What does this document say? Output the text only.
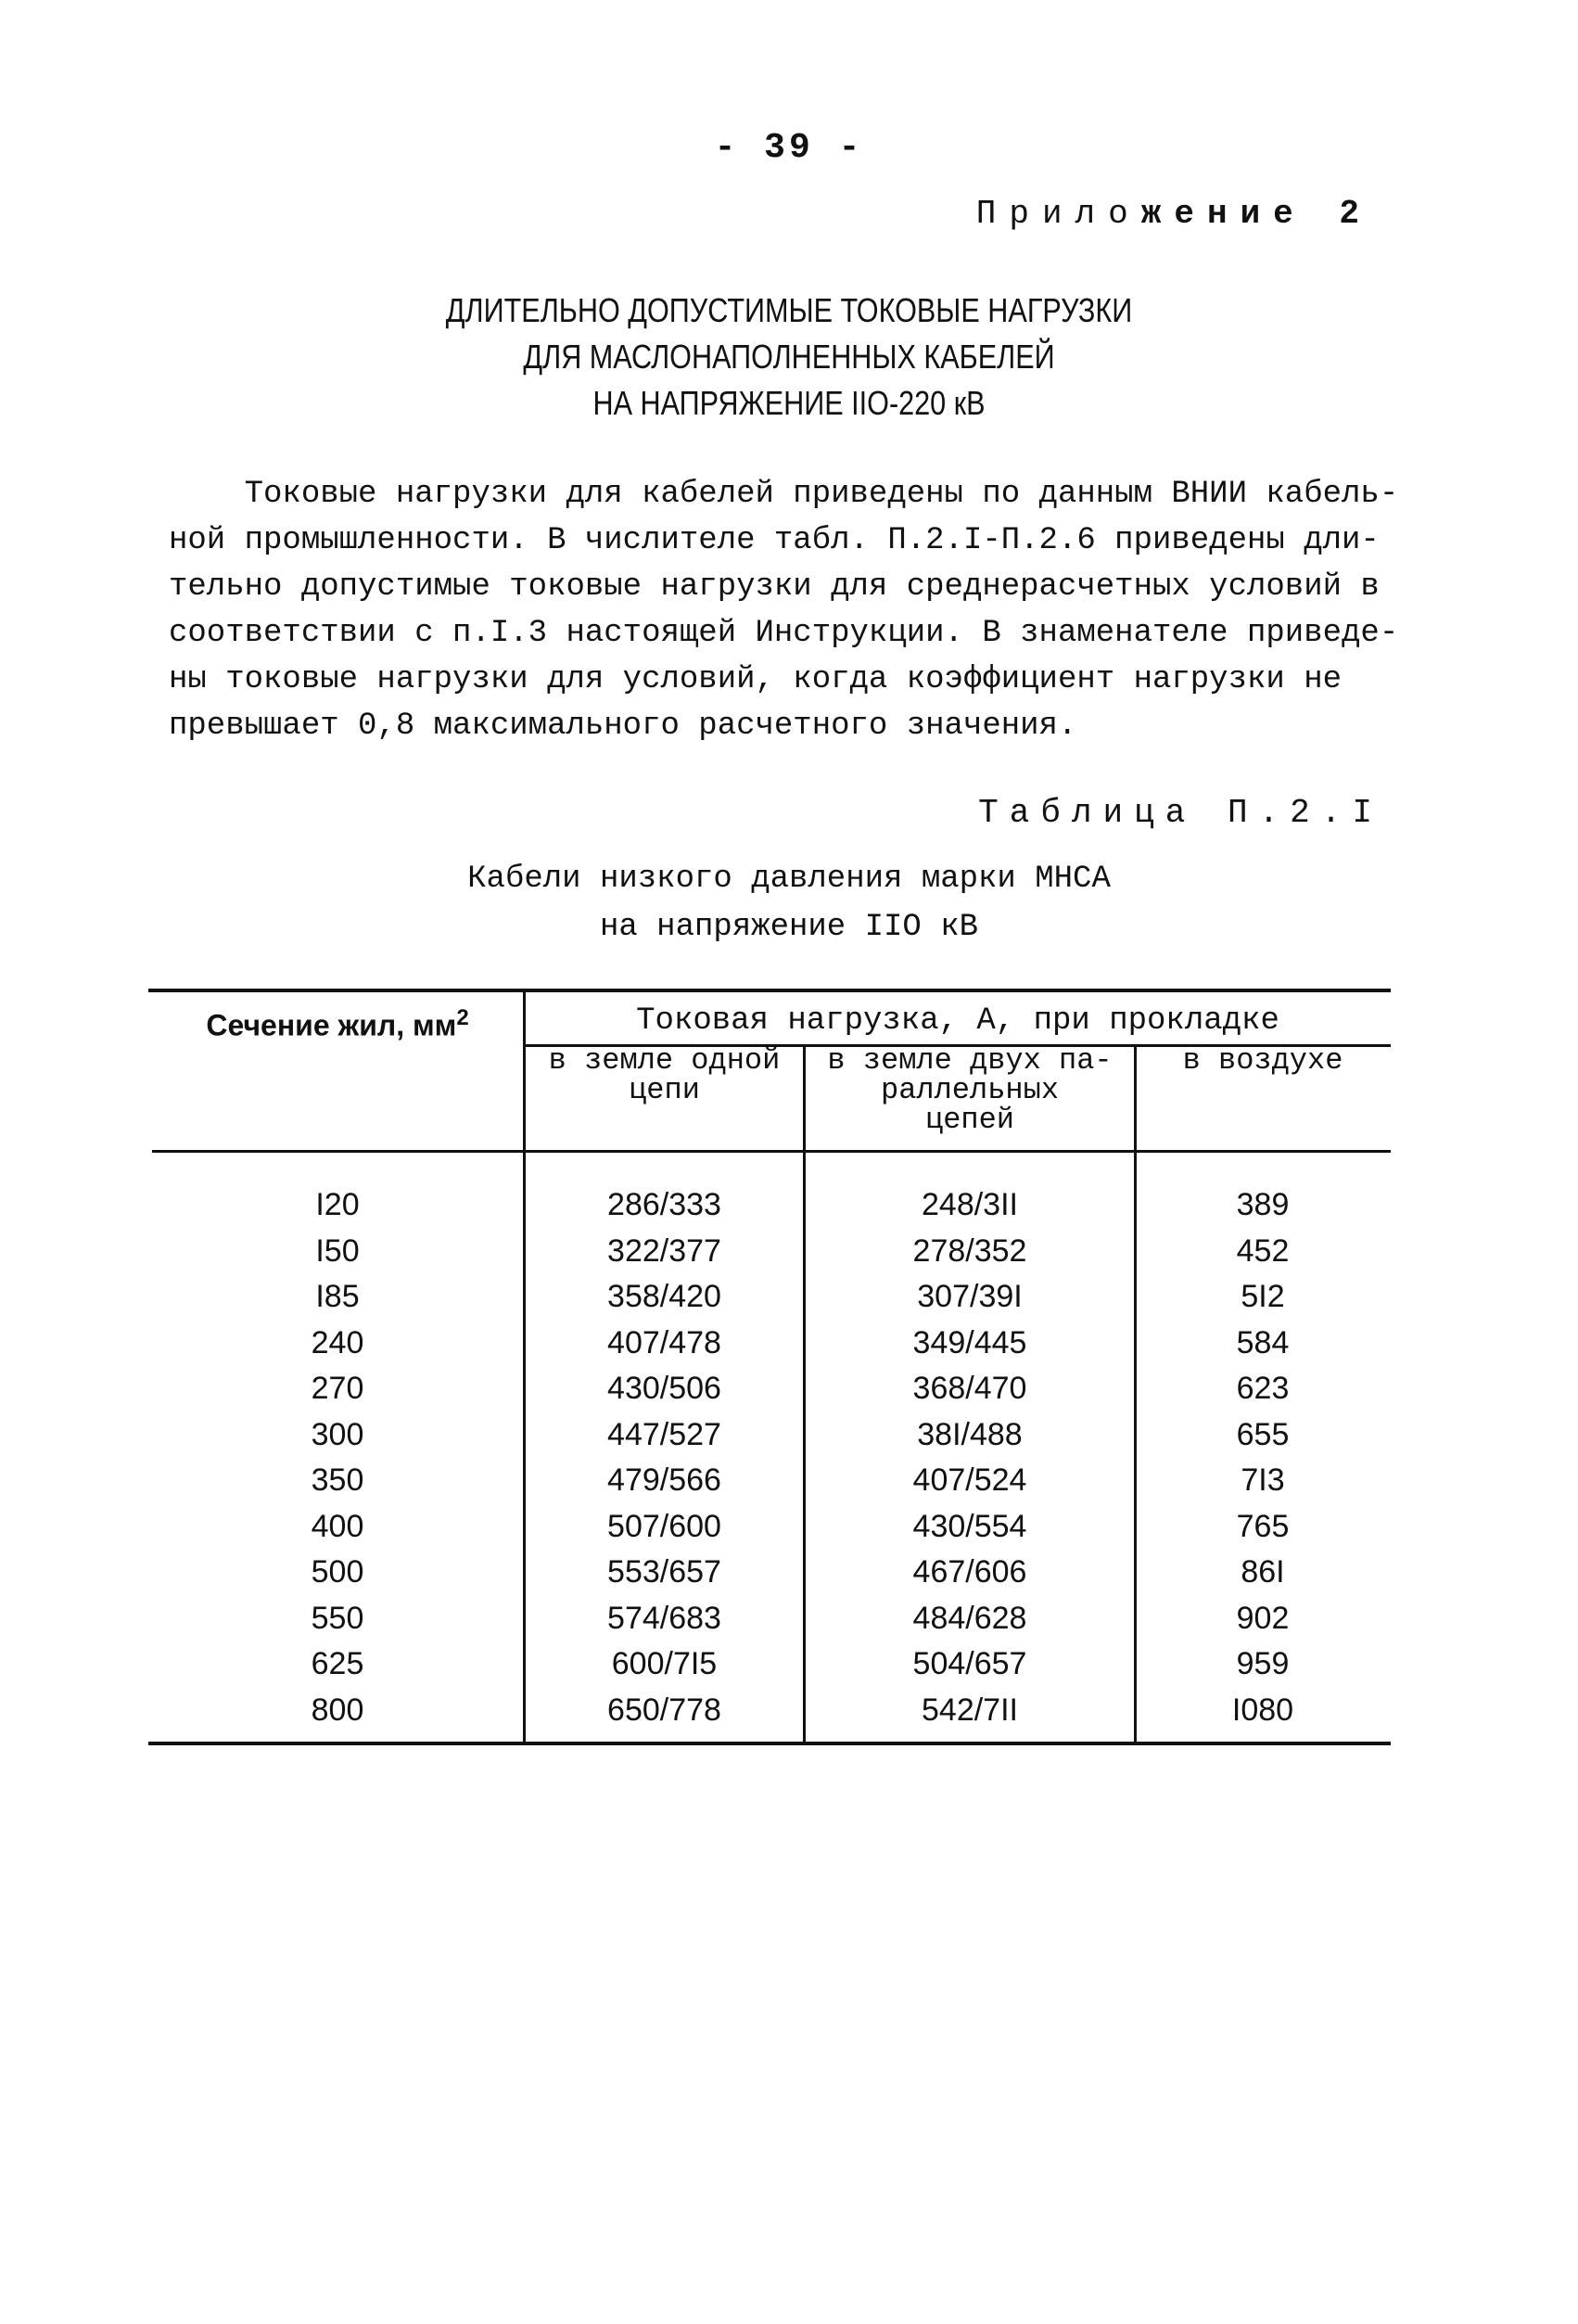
- 39 -
Приложение 2
ДЛИТЕЛЬНО ДОПУСТИМЫЕ ТОКОВЫЕ НАГРУЗКИ
ДЛЯ МАСЛОНАПОЛНЕННЫХ КАБЕЛЕЙ
НА НАПРЯЖЕНИЕ IIO-220 кВ
Токовые нагрузки для кабелей приведены по данным ВНИИ кабель-
ной промышленности. В числителе табл. П.2.I-П.2.6 приведены дли-
тельно допустимые токовые нагрузки для среднерасчетных условий в
соответствии с п.I.3 настоящей Инструкции. В знаменателе приведе-
ны токовые нагрузки для условий, когда коэффициент нагрузки не
превышает 0,8 максимального расчетного значения.
Таблица П.2.I
Кабели низкого давления марки МНСА
на напряжение IIO кВ
Сечение жил, $мм^2$	Токовая нагрузка, А, при прокладке
в земле одной
цепи
в земле двух па-
раллельных
цепей
в воздухе
I20	286/333	248/3II	389
I50	322/377	278/352	452
I85	358/420	307/39I	5I2
240	407/478	349/445	584
270	430/506	368/470	623
300	447/527	38I/488	655
350	479/566	407/524	7I3
400	507/600	430/554	765
500	553/657	467/606	86I
550	574/683	484/628	902
625	600/7I5	504/657	959
800	650/778	542/7II	I080
